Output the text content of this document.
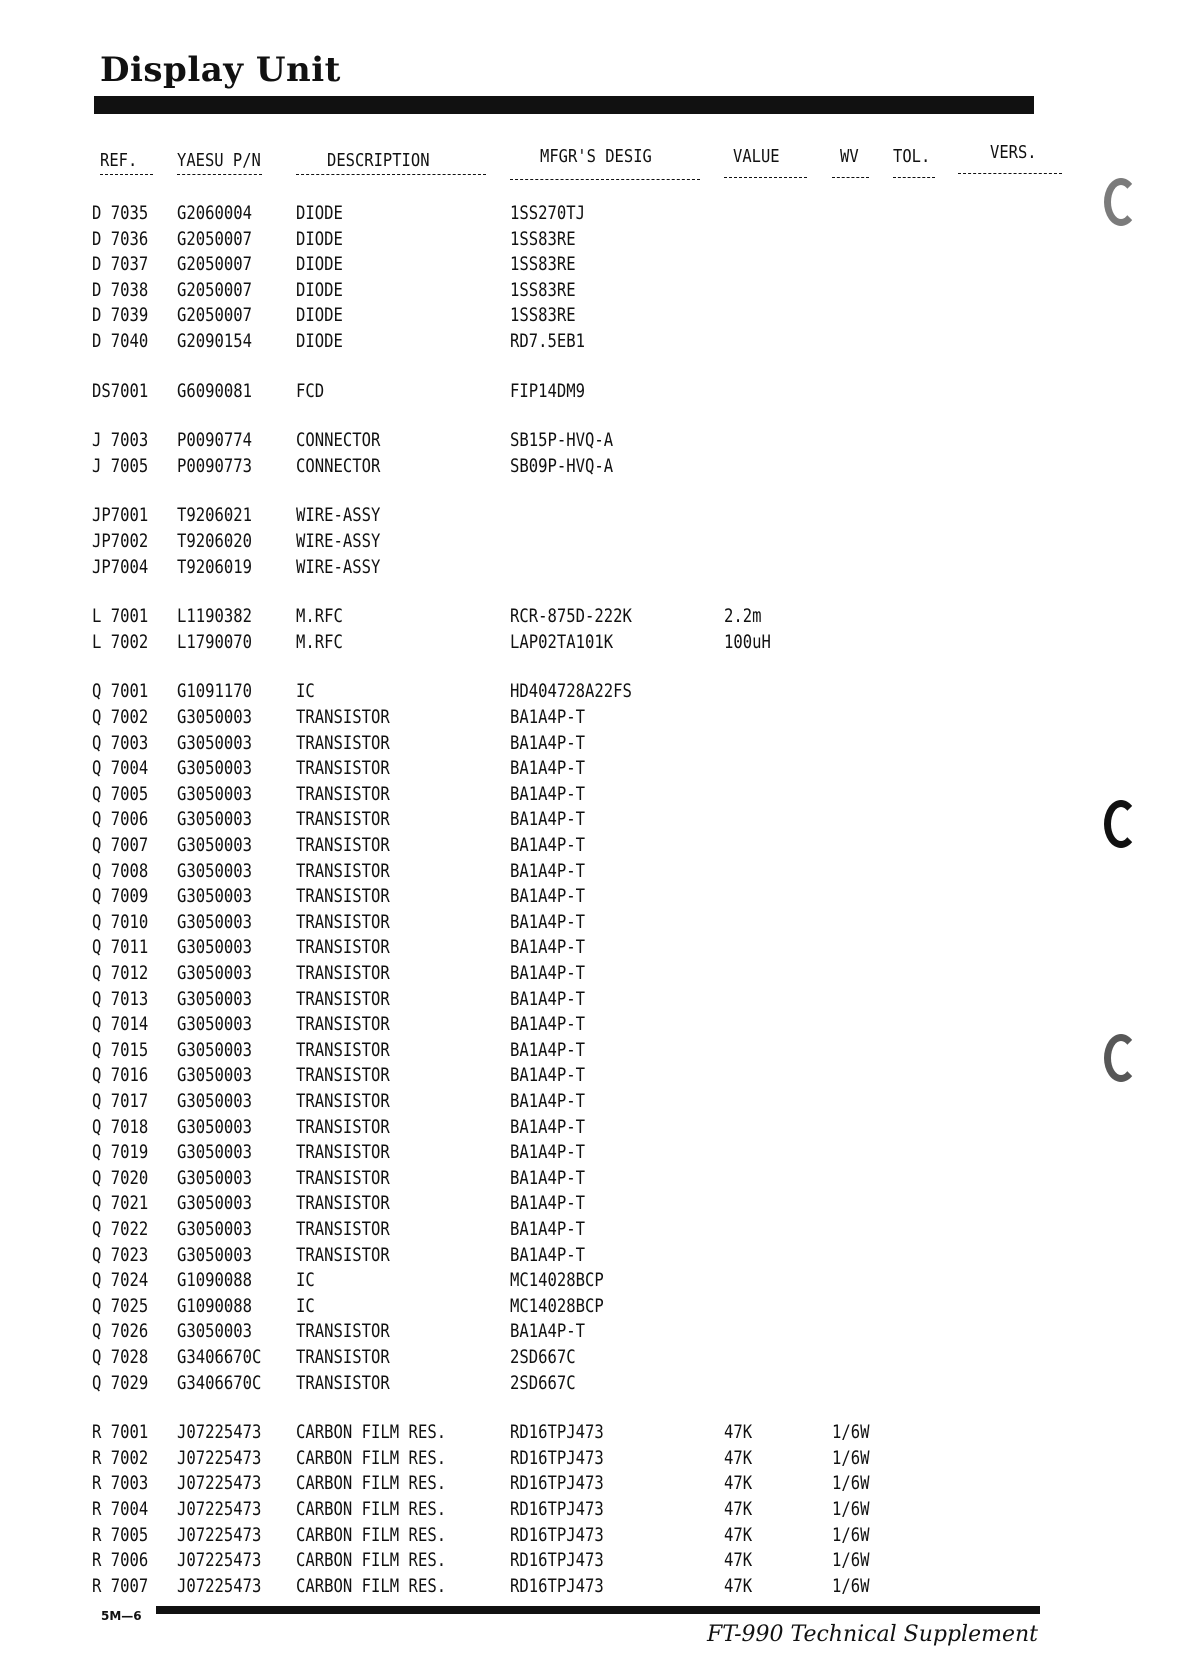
Display Unit
REF. YAESU P/N	DESCRIPTION	MFGR'S DESIG	VALUE	WV TOL.	VERS.
D 7035 G2060004 DIODE	1SS270TJ
D 7036 G2050007 DIODE	1SS83RE
D 7037 G2050007 DIODE	1SS83RE
D 7038 G2050007 DIODE	1SS83RE
D 7039 G2050007 DIODE	1SS83RE
D 7040 G2090154 DIODE	RD7.5EB1
DS7001 G6090081 FCD	FIP14DM9
J 7003 P0090774 CONNECTOR	SB15P-HVQ-A
J 7005 P0090773 CONNECTOR	SB09P-HVQ-A
JP7001 T9206021 WIRE-ASSY
JP7002 T9206020 WIRE-ASSY
JP7004 T9206019 WIRE-ASSY
L 7001 L1190382 M.RFC	RCR-875D-222K	2.2m
L 7002 L1790070 M.RFC	LAP02TA101K	100uH
Q 7001 G1091170 IC	HD404728A22FS
Q 7002 G3050003 TRANSISTOR	BA1A4P-T
Q 7003 G3050003 TRANSISTOR	BA1A4P-T
Q 7004 G3050003 TRANSISTOR	BA1A4P-T
Q 7005 G3050003 TRANSISTOR	BA1A4P-T
Q 7006 G3050003 TRANSISTOR	BA1A4P-T
Q 7007 G3050003 TRANSISTOR	BA1A4P-T
Q 7008 G3050003 TRANSISTOR	BA1A4P-T
Q 7009 G3050003 TRANSISTOR	BA1A4P-T
Q 7010 G3050003 TRANSISTOR	BA1A4P-T
Q 7011 G3050003 TRANSISTOR	BA1A4P-T
Q 7012 G3050003 TRANSISTOR	BA1A4P-T
Q 7013 G3050003 TRANSISTOR	BA1A4P-T
Q 7014 G3050003 TRANSISTOR	BA1A4P-T
Q 7015 G3050003 TRANSISTOR	BA1A4P-T
Q 7016 G3050003 TRANSISTOR	BA1A4P-T
Q 7017 G3050003 TRANSISTOR	BA1A4P-T
Q 7018 G3050003 TRANSISTOR	BA1A4P-T
Q 7019 G3050003 TRANSISTOR	BA1A4P-T
Q 7020 G3050003 TRANSISTOR	BA1A4P-T
Q 7021 G3050003 TRANSISTOR	BA1A4P-T
Q 7022 G3050003 TRANSISTOR	BA1A4P-T
Q 7023 G3050003 TRANSISTOR	BA1A4P-T
Q 7024 G1090088 IC	MC14028BCP
Q 7025 G1090088 IC	MC14028BCP
Q 7026 G3050003 TRANSISTOR	BA1A4P-T
Q 7028 G3406670C TRANSISTOR	2SD667C
Q 7029 G3406670C TRANSISTOR	2SD667C
R 7001 J07225473 CARBON FILM RES.	RD16TPJ473	47K	1/6W
R 7002 J07225473 CARBON FILM RES.	RD16TPJ473	47K	1/6W
R 7003 J07225473 CARBON FILM RES.	RD16TPJ473	47K	1/6W
R 7004 J07225473 CARBON FILM RES.	RD16TPJ473	47K	1/6W
R 7005 J07225473 CARBON FILM RES.	RD16TPJ473	47K	1/6W
R 7006 J07225473 CARBON FILM RES.	RD16TPJ473	47K	1/6W
R 7007 J07225473 CARBON FILM RES.	RD16TPJ473	47K	1/6W
5M—6
FT-990 Technical Supplement
